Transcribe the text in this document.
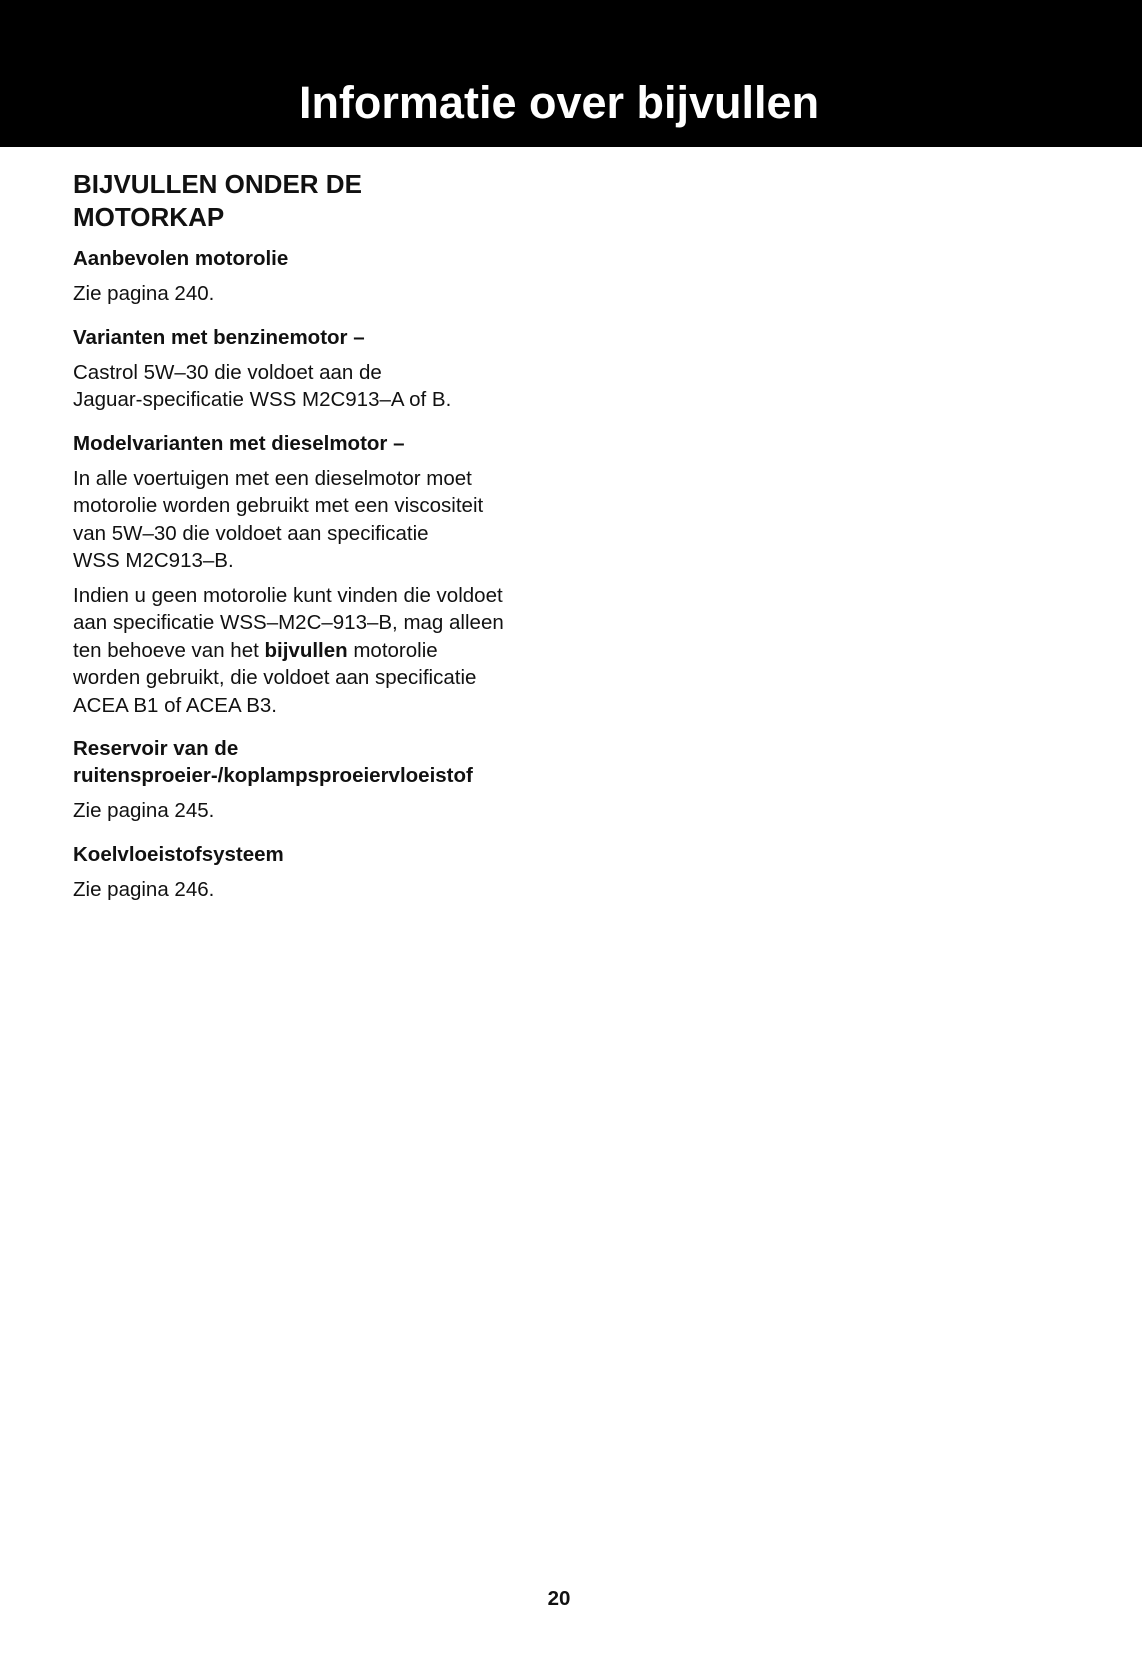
Informatie over bijvullen
BIJVULLEN ONDER DE
MOTORKAP
Aanbevolen motorolie
Zie pagina 240.
Varianten met benzinemotor –
Castrol 5W–30 die voldoet aan de
Jaguar-specificatie WSS M2C913–A of B.
Modelvarianten met dieselmotor –
In alle voertuigen met een dieselmotor moet
motorolie worden gebruikt met een viscositeit
van 5W–30 die voldoet aan specificatie
WSS M2C913–B.
Indien u geen motorolie kunt vinden die voldoet
aan specificatie WSS–M2C–913–B, mag alleen
ten behoeve van het bijvullen motorolie
worden gebruikt, die voldoet aan specificatie
ACEA B1 of ACEA B3.
Reservoir van de
ruitensproeier-/koplampsproeiervloeistof
Zie pagina 245.
Koelvloeistofsysteem
Zie pagina 246.
20
